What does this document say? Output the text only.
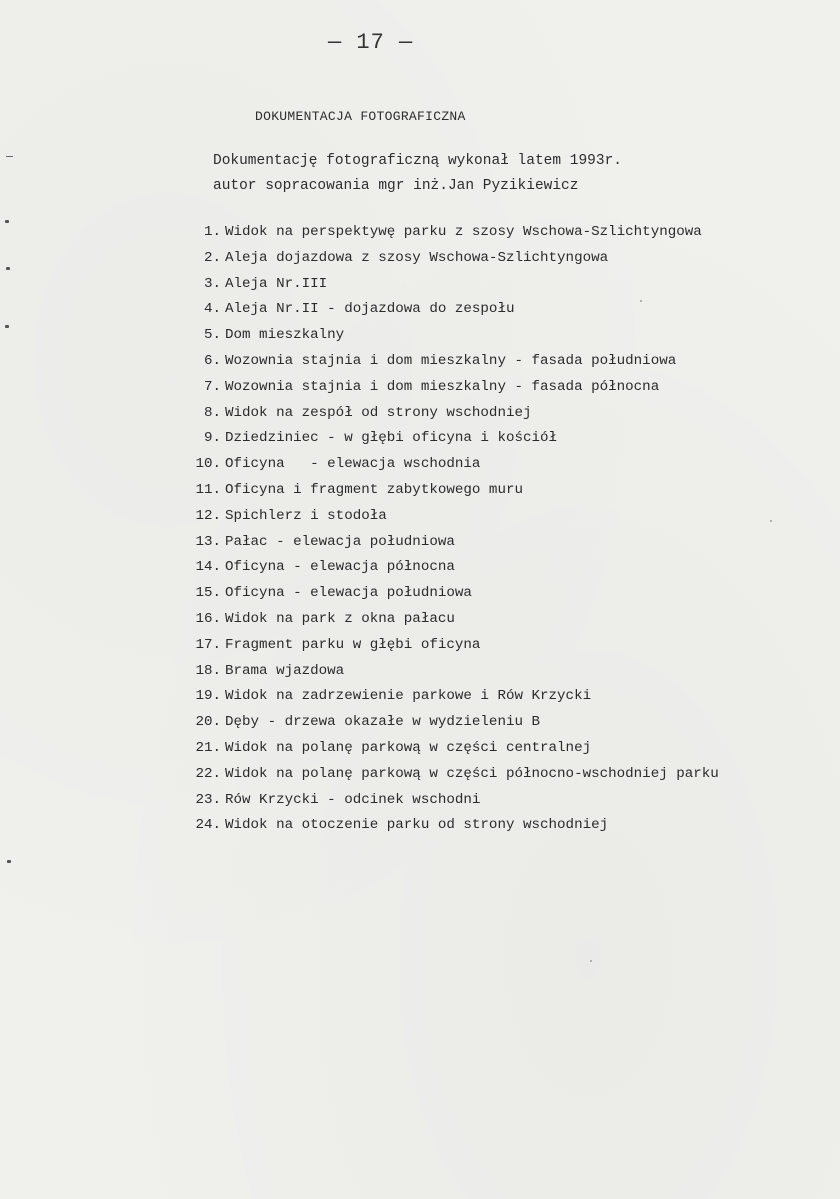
— 17 —
DOKUMENTACJA FOTOGRAFICZNA
Dokumentację fotograficzną wykonał latem 1993r.
autor sopracowania mgr inż.Jan Pyzikiewicz
1. Widok na perspektywę parku z szosy Wschowa-Szlichtyngowa
2. Aleja dojazdowa z szosy Wschowa-Szlichtyngowa
3. Aleja Nr.III
4. Aleja Nr.II - dojazdowa do zespołu
5. Dom mieszkalny
6. Wozownia stajnia i dom mieszkalny - fasada południowa
7. Wozownia stajnia i dom mieszkalny - fasada północna
8. Widok na zespół od strony wschodniej
9. Dziedziniec - w głębi oficyna i kościół
10. Oficyna   - elewacja wschodnia
11. Oficyna i fragment zabytkowego muru
12. Spichlerz i stodoła
13. Pałac - elewacja południowa
14. Oficyna - elewacja północna
15. Oficyna - elewacja południowa
16. Widok na park z okna pałacu
17. Fragment parku w głębi oficyna
18. Brama wjazdowa
19. Widok na zadrzewienie parkowe i Rów Krzycki
20. Dęby - drzewa okazałe w wydzieleniu B
21. Widok na polanę parkową w części centralnej
22. Widok na polanę parkową w części północno-wschodniej parku
23. Rów Krzycki - odcinek wschodni
24. Widok na otoczenie parku od strony wschodniej
